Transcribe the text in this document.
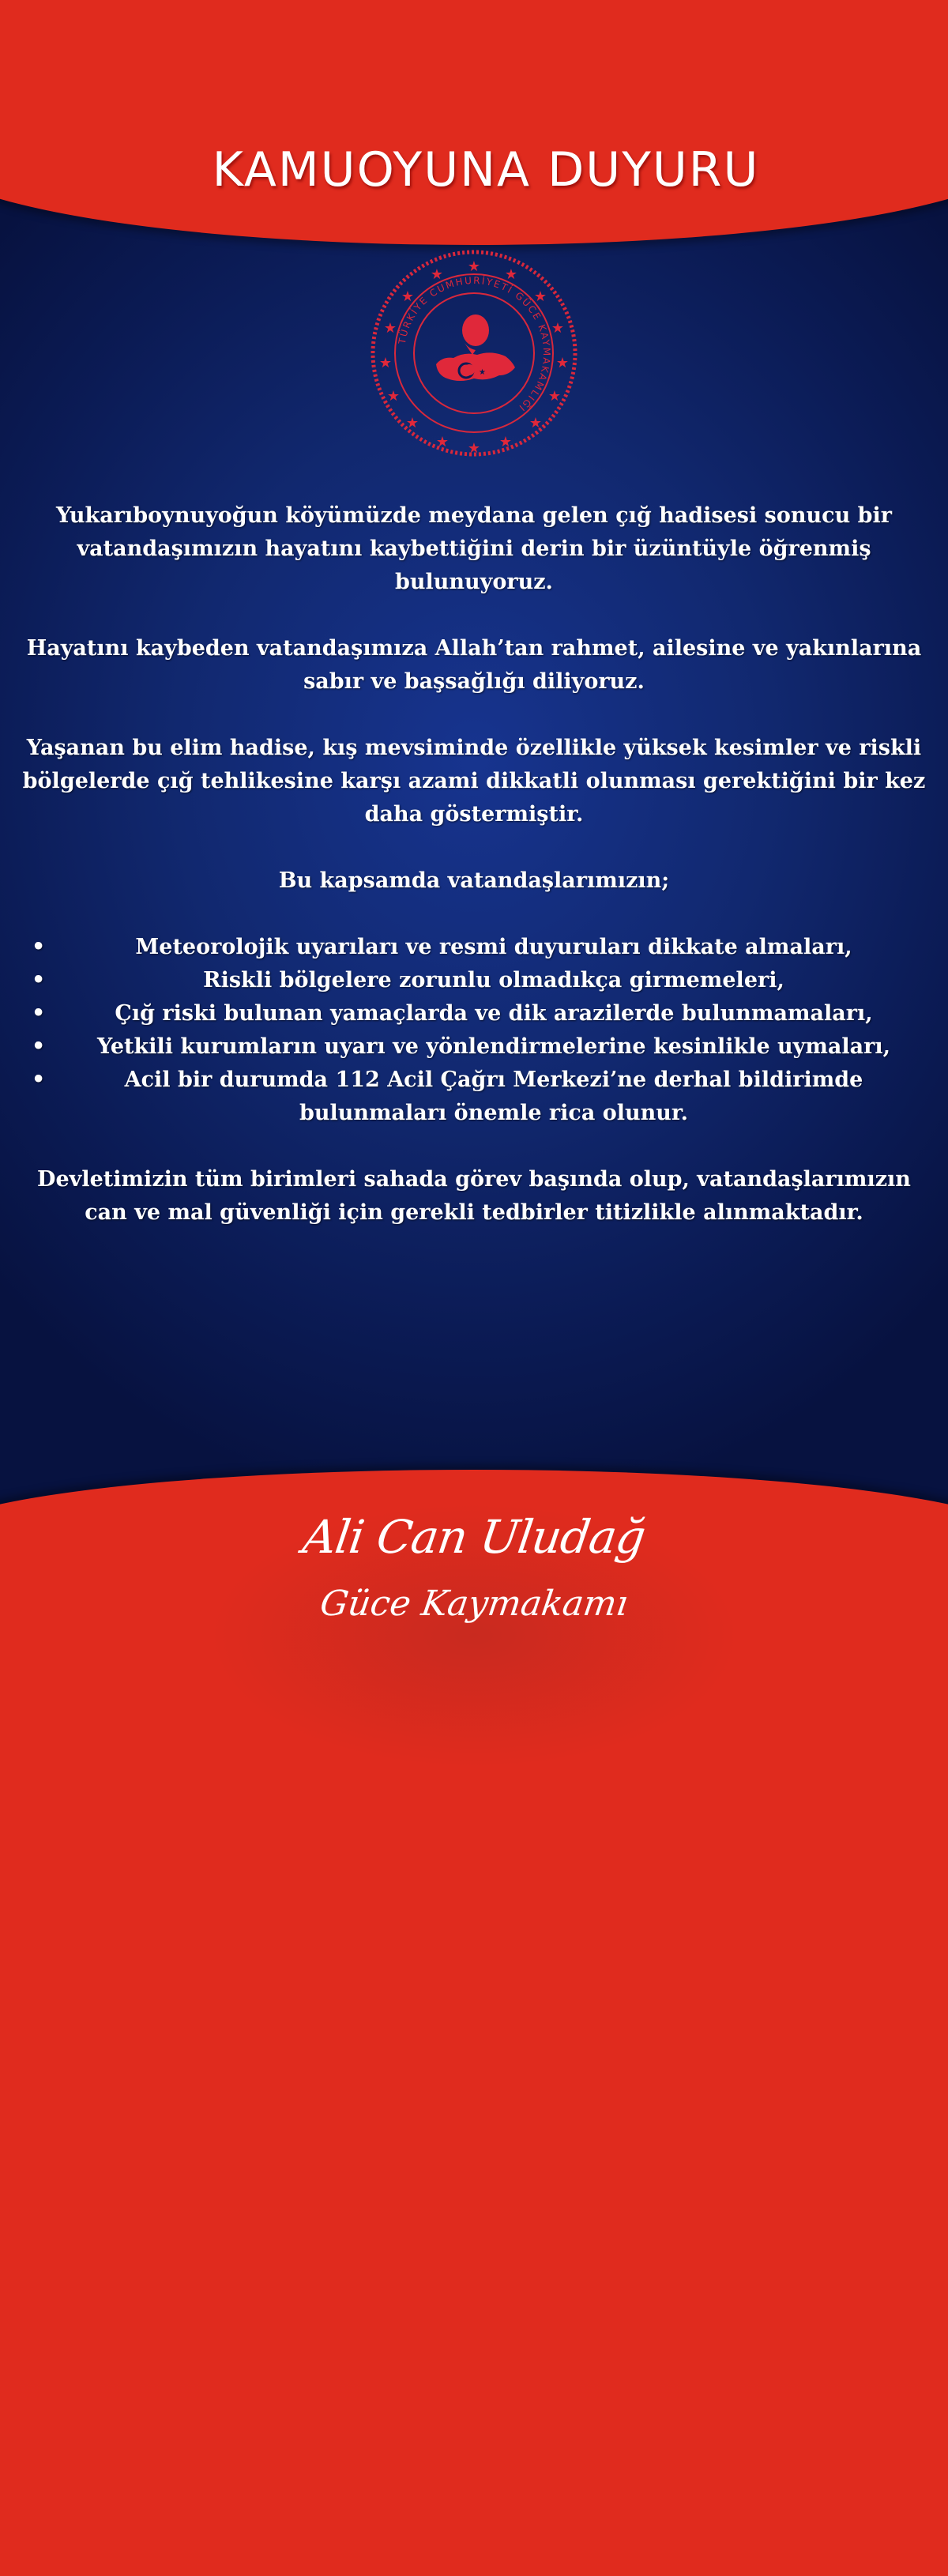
KAMUOYUNA DUYURU
★ ★
★
★
★
★
★
★
★
★
★
★
★
★
★
★
TÜRKİYE CUMHURİYETİ GÜCE KAYMAKAMLIĞI
★

Yukarıboynuyoğun köyümüzde meydana gelen çığ hadisesi sonucu bir vatandaşımızın hayatını kaybettiğini derin bir üzüntüyle öğrenmiş bulunuyoruz.

Hayatını kaybeden vatandaşımıza Allah’tan rahmet, ailesine ve yakınlarına sabır ve başsağlığı diliyoruz.

Yaşanan bu elim hadise, kış mevsiminde özellikle yüksek kesimler ve riskli bölgelerde çığ tehlikesine karşı azami dikkatli olunması gerektiğini bir kez daha göstermiştir.

Bu kapsamda vatandaşlarımızın;

•	Meteorolojik uyarıları ve resmi duyuruları dikkate almaları,
•	Riskli bölgelere zorunlu olmadıkça girmemeleri,
•	Çığ riski bulunan yamaçlarda ve dik arazilerde bulunmamaları,
• Yetkili kurumların uyarı ve yönlendirmelerine kesinlikle uymaları,
•	Acil bir durumda 112 Acil Çağrı Merkezi’ne derhal bildirimde bulunmaları önemle rica olunur.

Devletimizin tüm birimleri sahada görev başında olup, vatandaşlarımızın can ve mal güvenliği için gerekli tedbirler titizlikle alınmaktadır.

Ali Can Uludağ
Güce Kaymakamı
